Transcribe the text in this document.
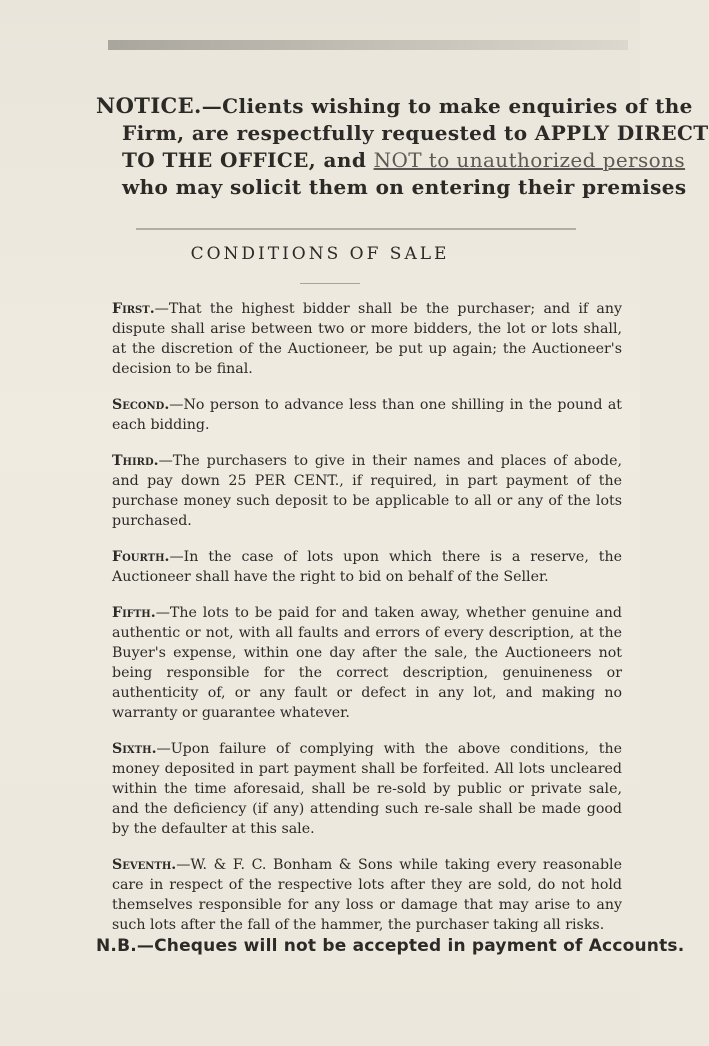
NOTICE.—Clients wishing to make enquiries of the
Firm, are respectfully requested to APPLY DIRECT
TO THE OFFICE, and NOT to unauthorized persons
who may solicit them on entering their premises
CONDITIONS OF SALE

First.—That the highest bidder shall be the purchaser; and if any dispute shall arise between two or more bidders, the lot or lots shall, at the discretion of the Auctioneer, be put up again; the Auctioneer's decision to be final.

Second.—No person to advance less than one shilling in the pound at each bidding.

Third.—The purchasers to give in their names and places of abode, and pay down 25 PER CENT., if required, in part payment of the purchase money such deposit to be applicable to all or any of the lots purchased.

Fourth.—In the case of lots upon which there is a reserve, the Auctioneer shall have the right to bid on behalf of the Seller.

Fifth.—The lots to be paid for and taken away, whether genuine and authentic or not, with all faults and errors of every description, at the Buyer's expense, within one day after the sale, the Auctioneers not being responsible for the correct description, genuineness or authenticity of, or any fault or defect in any lot, and making no warranty or guarantee whatever.

Sixth.—Upon failure of complying with the above conditions, the money deposited in part payment shall be forfeited. All lots uncleared within the time aforesaid, shall be re-sold by public or private sale, and the deficiency (if any) attending such re-sale shall be made good by the defaulter at this sale.

Seventh.—W. & F. C. Bonham & Sons while taking every reasonable care in respect of the respective lots after they are sold, do not hold themselves responsible for any loss or damage that may arise to any such lots after the fall of the hammer, the purchaser taking all risks.

N.B.—Cheques will not be accepted in payment of Accounts.
